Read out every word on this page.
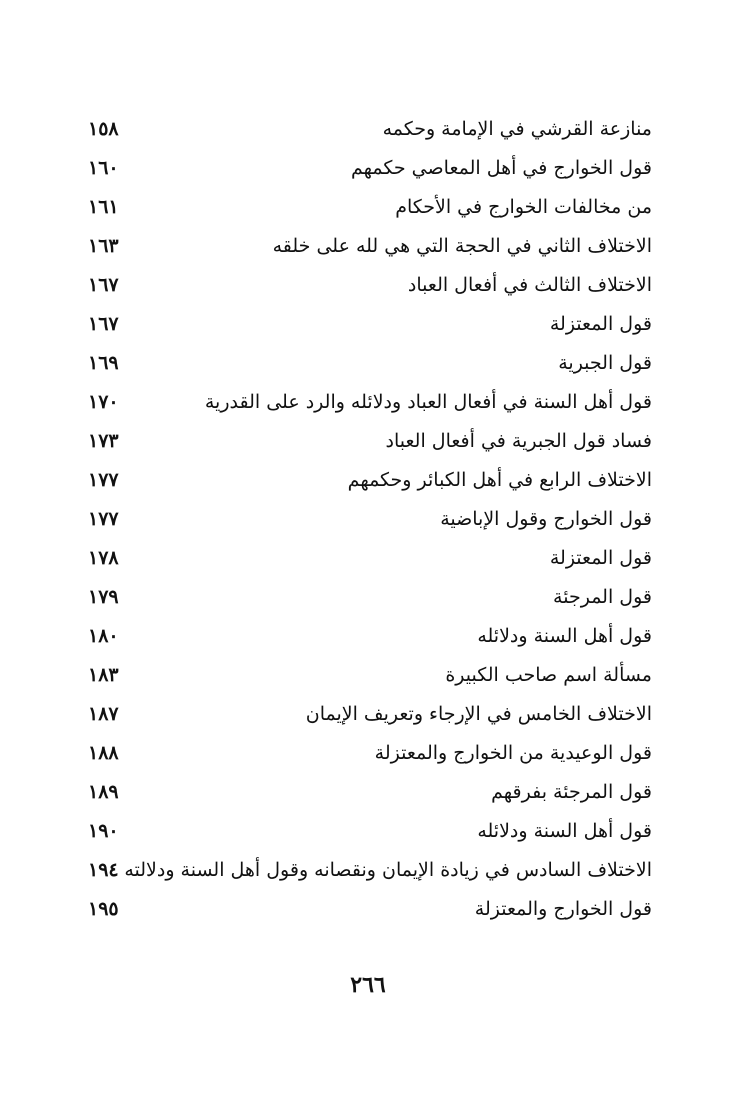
منازعة القرشي في الإمامة وحكمه
١٥٨
قول الخوارج في أهل المعاصي حكمهم
١٦٠
من مخالفات الخوارج في الأحكام
١٦١
الاختلاف الثاني في الحجة التي هي لله على خلقه
١٦٣
الاختلاف الثالث في أفعال العباد
١٦٧
قول المعتزلة
١٦٧
قول الجبرية
١٦٩
قول أهل السنة في أفعال العباد ودلائله والرد على القدرية
١٧٠
فساد قول الجبرية في أفعال العباد
١٧٣
الاختلاف الرابع في أهل الكبائر وحكمهم
١٧٧
قول الخوارج وقول الإباضية
١٧٧
قول المعتزلة
١٧٨
قول المرجئة
١٧٩
قول أهل السنة ودلائله
١٨٠
مسألة اسم صاحب الكبيرة
١٨٣
الاختلاف الخامس في الإرجاء وتعريف الإيمان
١٨٧
قول الوعيدية من الخوارج والمعتزلة
١٨٨
قول المرجئة بفرقهم
١٨٩
قول أهل السنة ودلائله
١٩٠
الاختلاف السادس في زيادة الإيمان ونقصانه وقول أهل السنة ودلالته
١٩٤
قول الخوارج والمعتزلة
١٩٥
٢٦٦
